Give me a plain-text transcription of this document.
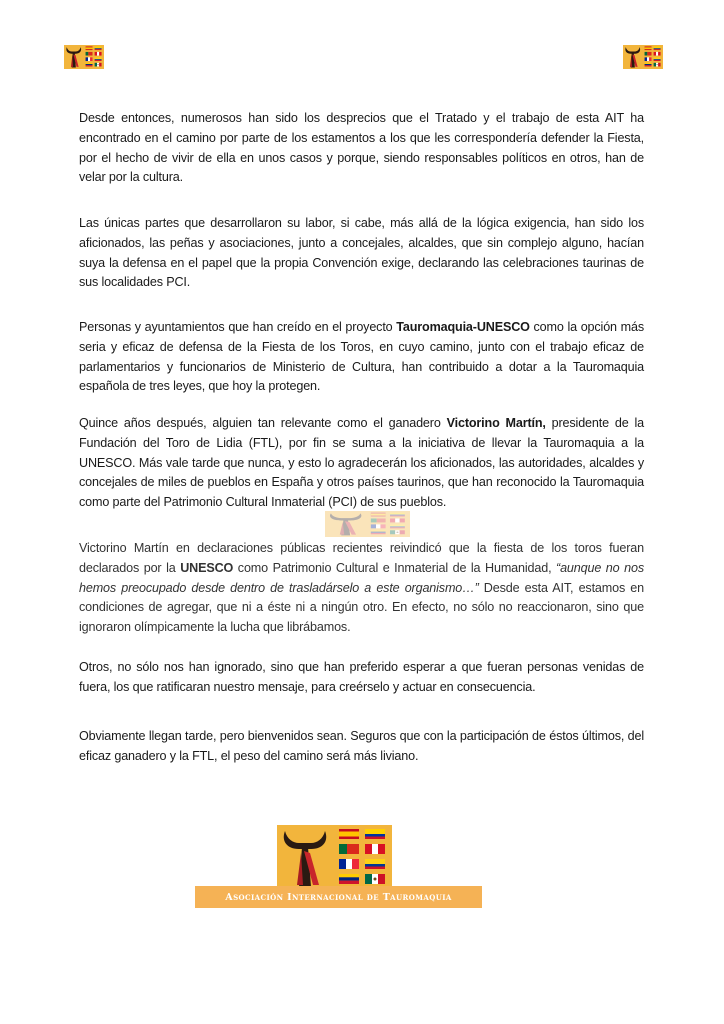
Desde entonces, numerosos han sido los desprecios que el Tratado y el trabajo de esta AIT ha encontrado en el camino por parte de los estamentos a los que les correspondería defender la Fiesta, por el hecho de vivir de ella en unos casos y porque, siendo responsables políticos en otros, han de velar por la cultura.

Las únicas partes que desarrollaron su labor, si cabe, más allá de la lógica exigencia, han sido los aficionados, las peñas y asociaciones, junto a concejales, alcaldes, que sin complejo alguno, hacían suya la defensa en el papel que la propia Convención exige, declarando las celebraciones taurinas de sus localidades PCI.

Personas y ayuntamientos que han creído en el proyecto Tauromaquia-UNESCO como la opción más seria y eficaz de defensa de la Fiesta de los Toros, en cuyo camino, junto con el trabajo eficaz de parlamentarios y funcionarios de Ministerio de Cultura, han contribuido a dotar a la Tauromaquia española de tres leyes, que hoy la protegen.

Quince años después, alguien tan relevante como el ganadero Victorino Martín, presidente de la Fundación del Toro de Lidia (FTL), por fin se suma a la iniciativa de llevar la Tauromaquia a la UNESCO. Más vale tarde que nunca, y esto lo agradecerán los aficionados, las autoridades, alcaldes y concejales de miles de pueblos en España y otros países taurinos, que han reconocido la Tauromaquia como parte del Patrimonio Cultural Inmaterial (PCI) de sus pueblos.

Victorino Martín en declaraciones públicas recientes reivindicó que la fiesta de los toros fueran declarados por la UNESCO como Patrimonio Cultural e Inmaterial de la Humanidad, “aunque no nos hemos preocupado desde dentro de trasladárselo a este organismo…” Desde esta AIT, estamos en condiciones de agregar, que ni a éste ni a ningún otro. En efecto, no sólo no reaccionaron, sino que ignoraron olímpicamente la lucha que librábamos.

Otros, no sólo nos han ignorado, sino que han preferido esperar a que fueran personas venidas de fuera, los que ratificaran nuestro mensaje, para creérselo y actuar en consecuencia.

Obviamente llegan tarde, pero bienvenidos sean. Seguros que con la participación de éstos últimos, del eficaz ganadero y la FTL, el peso del camino será más liviano.

Asociación Internacional de Tauromaquia
